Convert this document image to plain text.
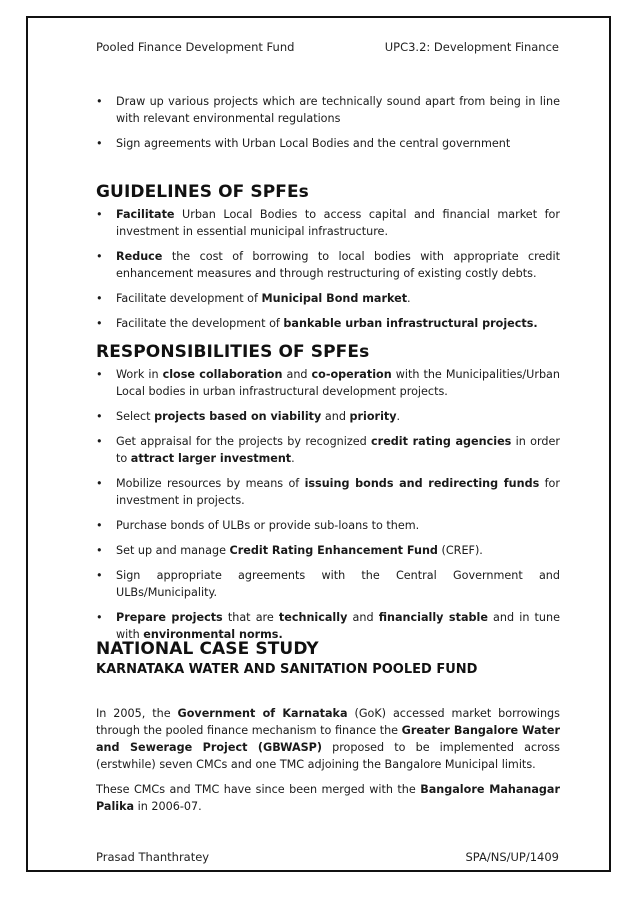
Pooled Finance Development Fund	UPC3.2: Development Finance
• Draw up various projects which are technically sound apart from being in line with relevant environmental regulations
• Sign agreements with Urban Local Bodies and the central government
GUIDELINES OF SPFEs
• Facilitate Urban Local Bodies to access capital and financial market for investment in essential municipal infrastructure.
• Reduce the cost of borrowing to local bodies with appropriate credit enhancement measures and through restructuring of existing costly debts.
• Facilitate development of Municipal Bond market.
• Facilitate the development of bankable urban infrastructural projects.
RESPONSIBILITIES OF SPFEs
• Work in close collaboration and co-operation with the Municipalities/Urban Local bodies in urban infrastructural development projects.
• Select projects based on viability and priority.
• Get appraisal for the projects by recognized credit rating agencies in order to attract larger investment.
• Mobilize resources by means of issuing bonds and redirecting funds for investment in projects.
• Purchase bonds of ULBs or provide sub-loans to them.
• Set up and manage Credit Rating Enhancement Fund (CREF).
• Sign appropriate agreements with the Central Government and ULBs/Municipality.
• Prepare projects that are technically and financially stable and in tune with environmental norms.
NATIONAL CASE STUDY
KARNATAKA WATER AND SANITATION POOLED FUND

In 2005, the Government of Karnataka (GoK) accessed market borrowings through the pooled finance mechanism to finance the Greater Bangalore Water and Sewerage Project (GBWASP) proposed to be implemented across (erstwhile) seven CMCs and one TMC adjoining the Bangalore Municipal limits.

These CMCs and TMC have since been merged with the Bangalore Mahanagar Palika in 2006-07.

Prasad Thanthratey	SPA/NS/UP/1409
